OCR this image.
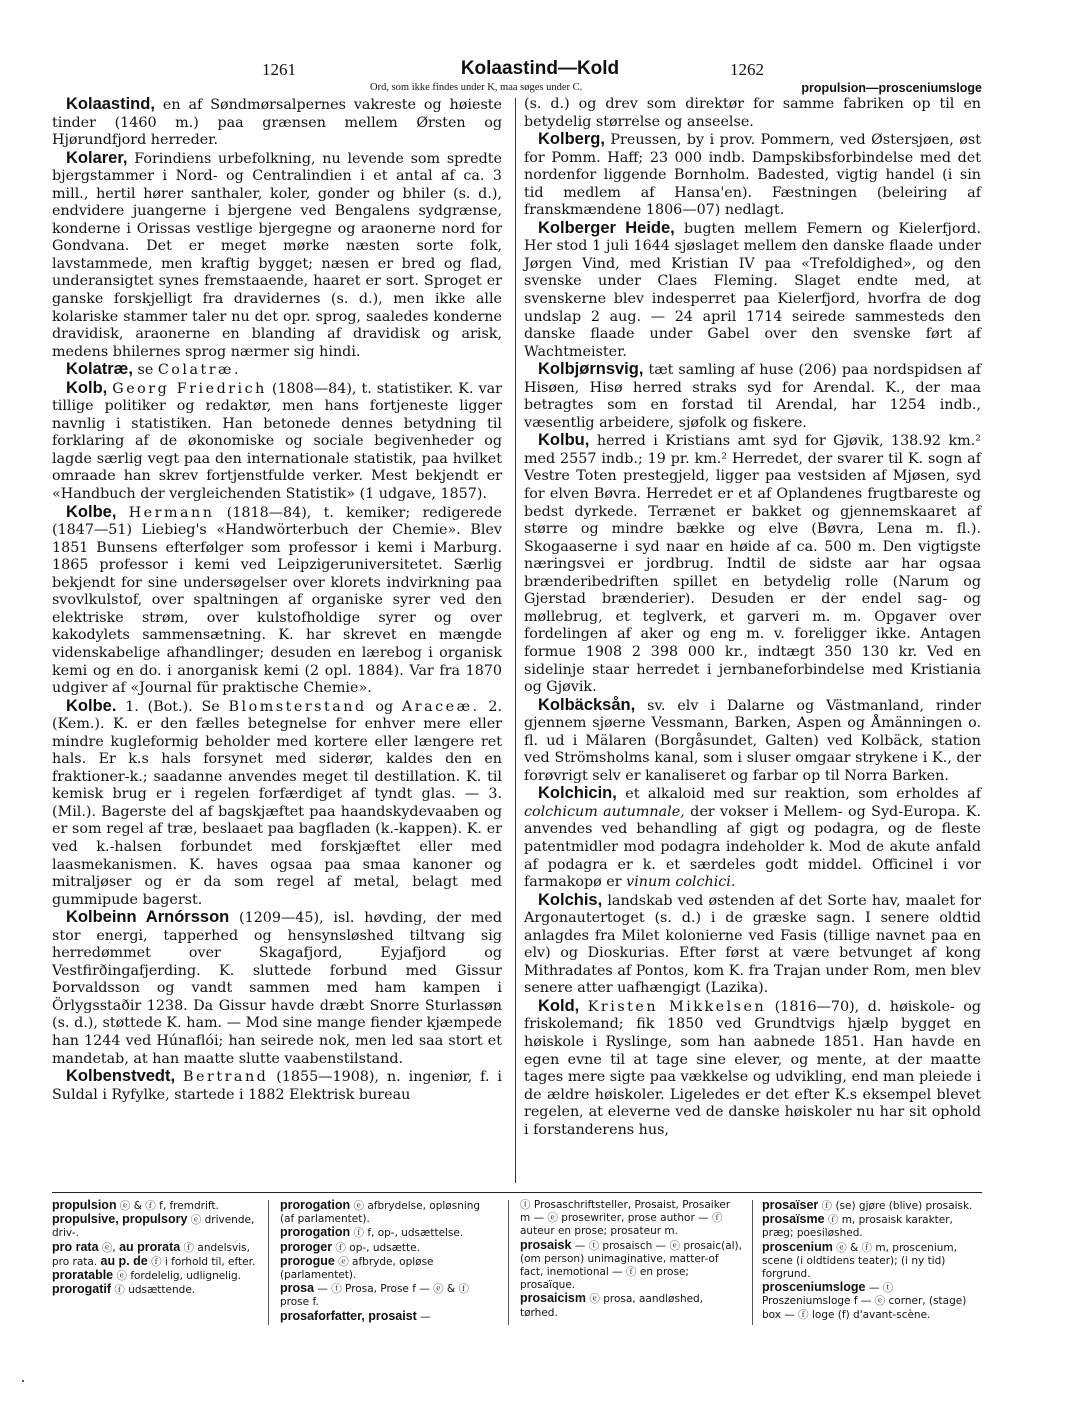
1261	Kolaastind—Kold	1262
Ord, som ikke findes under K, maa søges under C.	propulsion—prosceniumsloge

Kolaastind, en af Søndmørsalpernes vakreste og høieste tinder (1460 m.) paa grænsen mellem Ørsten og Hjørundfjord herreder.

Kolarer, Forindiens urbefolkning, nu levende som spredte bjergstammer i Nord- og Centralindien i et antal af ca. 3 mill., hertil hører santhaler, koler, gonder og bhiler (s. d.), endvidere juangerne i bjergene ved Bengalens sydgrænse, konderne i Orissas vestlige bjergegne og araonerne nord for Gondvana. Det er meget mørke næsten sorte folk, lavstammede, men kraftig bygget; næsen er bred og flad, underansigtet synes fremstaaende, haaret er sort. Sproget er ganske forskjelligt fra dravidernes (s. d.), men ikke alle kolariske stammer taler nu det opr. sprog, saaledes konderne dravidisk, araonerne en blanding af dravidisk og arisk, medens bhilernes sprog nærmer sig hindi.

Kolatræ, se Colatræ.

Kolb, Georg Friedrich (1808—84), t. statistiker. K. var tillige politiker og redaktør, men hans fortjeneste ligger navnlig i statistiken. Han betonede dennes betydning til forklaring af de økonomiske og sociale begivenheder og lagde særlig vegt paa den internationale statistik, paa hvilket omraade han skrev fortjenstfulde verker. Mest bekjendt er «Handbuch der vergleichenden Statistik» (1 udgave, 1857).

Kolbe, Hermann (1818—84), t. kemiker; redigerede (1847—51) Liebieg's «Handwörterbuch der Chemie». Blev 1851 Bunsens efterfølger som professor i kemi i Marburg. 1865 professor i kemi ved Leipzigeruniversitetet. Særlig bekjendt for sine undersøgelser over klorets indvirkning paa svovlkulstof, over spaltningen af organiske syrer ved den elektriske strøm, over kulstofholdige syrer og over kakodylets sammensætning. K. har skrevet en mængde videnskabelige afhandlinger; desuden en lærebog i organisk kemi og en do. i anorganisk kemi (2 opl. 1884). Var fra 1870 udgiver af «Journal für praktische Chemie».

Kolbe. 1. (Bot.). Se Blomsterstand og Araceæ. 2. (Kem.). K. er den fælles betegnelse for enhver mere eller mindre kugleformig beholder med kortere eller længere ret hals. Er k.s hals forsynet med siderør, kaldes den en fraktioner-k.; saadanne anvendes meget til destillation. K. til kemisk brug er i regelen forfærdiget af tyndt glas. — 3. (Mil.). Bagerste del af bagskjæftet paa haandskydevaaben og er som regel af træ, beslaaet paa bagfladen (k.-kappen). K. er ved k.-halsen forbundet med forskjæftet eller med laasmekanismen. K. haves ogsaa paa smaa kanoner og mitraljøser og er da som regel af metal, belagt med gummipude bagerst.

Kolbeinn Arnórsson (1209—45), isl. høvding, der med stor energi, tapperhed og hensynsløshed tiltvang sig herredømmet over Skagafjord, Eyjafjord og Vestfirðingafjerding. K. sluttede forbund med Gissur Þorvaldsson og vandt sammen med ham kampen i Örlygsstaðir 1238. Da Gissur havde dræbt Snorre Sturlassøn (s. d.), støttede K. ham. — Mod sine mange fiender kjæmpede han 1244 ved Húnaflói; han seirede nok, men led saa stort et mandetab, at han maatte slutte vaabenstilstand.

Kolbenstvedt, Bertrand (1855—1908), n. ingeniør, f. i Suldal i Ryfylke, startede i 1882 Elektrisk bureau

(s. d.) og drev som direktør for samme fabriken op til en betydelig størrelse og anseelse.

Kolberg, Preussen, by i prov. Pommern, ved Østersjøen, øst for Pomm. Haff; 23 000 indb. Dampskibsforbindelse med det nordenfor liggende Bornholm. Badested, vigtig handel (i sin tid medlem af Hansa'en). Fæstningen (beleiring af franskmændene 1806—07) nedlagt.

Kolberger Heide, bugten mellem Femern og Kielerfjord. Her stod 1 juli 1644 sjøslaget mellem den danske flaade under Jørgen Vind, med Kristian IV paa «Trefoldighed», og den svenske under Claes Fleming. Slaget endte med, at svenskerne blev indesperret paa Kielerfjord, hvorfra de dog undslap 2 aug. — 24 april 1714 seirede sammesteds den danske flaade under Gabel over den svenske ført af Wachtmeister.

Kolbjørnsvig, tæt samling af huse (206) paa nordspidsen af Hisøen, Hisø herred straks syd for Arendal. K., der maa betragtes som en forstad til Arendal, har 1254 indb., væsentlig arbeidere, sjøfolk og fiskere.

Kolbu, herred i Kristians amt syd for Gjøvik, 138.92 km.² med 2557 indb.; 19 pr. km.² Herredet, der svarer til K. sogn af Vestre Toten prestegjeld, ligger paa vestsiden af Mjøsen, syd for elven Bøvra. Herredet er et af Oplandenes frugtbareste og bedst dyrkede. Terrænet er bakket og gjennemskaaret af større og mindre bække og elve (Bøvra, Lena m. fl.). Skogaaserne i syd naar en høide af ca. 500 m. Den vigtigste næringsvei er jordbrug. Indtil de sidste aar har ogsaa brænderibedriften spillet en betydelig rolle (Narum og Gjerstad brænderier). Desuden er der endel sag- og møllebrug, et teglverk, et garveri m. m. Opgaver over fordelingen af aker og eng m. v. foreligger ikke. Antagen formue 1908 2 398 000 kr., indtægt 350 130 kr. Ved en sidelinje staar herredet i jernbaneforbindelse med Kristiania og Gjøvik.

Kolbäcksån, sv. elv i Dalarne og Västmanland, rinder gjennem sjøerne Vessmann, Barken, Aspen og Åmänningen o. fl. ud i Mälaren (Borgåsundet, Galten) ved Kolbäck, station ved Strömsholms kanal, som i sluser omgaar strykene i K., der forøvrigt selv er kanaliseret og farbar op til Norra Barken.

Kolchicin, et alkaloid med sur reaktion, som erholdes af colchicum autumnale, der vokser i Mellem- og Syd-Europa. K. anvendes ved behandling af gigt og podagra, og de fleste patentmidler mod podagra indeholder k. Mod de akute anfald af podagra er k. et særdeles godt middel. Officinel i vor farmakopø er vinum colchici.

Kolchis, landskab ved østenden af det Sorte hav, maalet for Argonautertoget (s. d.) i de græske sagn. I senere oldtid anlagdes fra Milet kolonierne ved Fasis (tillige navnet paa en elv) og Dioskurias. Efter først at være betvunget af kong Mithradates af Pontos, kom K. fra Trajan under Rom, men blev senere atter uafhængigt (Lazika).

Kold, Kristen Mikkelsen (1816—70), d. høiskole- og friskolemand; fik 1850 ved Grundtvigs hjælp bygget en høiskole i Ryslinge, som han aabnede 1851. Han havde en egen evne til at tage sine elever, og mente, at der maatte tages mere sigte paa vækkelse og udvikling, end man pleiede i de ældre høiskoler. Ligeledes er det efter K.s eksempel blevet regelen, at eleverne ved de danske høiskoler nu har sit ophold i forstanderens hus,

propulsion ⓔ & ⓕ f, fremdrift.

propulsive, propulsory ⓔ drivende, driv-.

pro rata ⓔ, au prorata ⓕ andelsvis, pro rata. au p. de ⓕ i forhold til, efter.

proratable ⓔ fordelelig, udlignelig.

prorogatif ⓕ udsættende.

prorogation ⓔ afbrydelse, opløsning (af parlamentet).

prorogation ⓕ f, op-, udsættelse.

proroger ⓕ op-, udsætte.

prorogue ⓔ afbryde, opløse (parlamentet).

prosa — ⓣ Prosa, Prose f — ⓔ & ⓕ prose f.

prosaforfatter, prosaist —

ⓣ Prosaschriftsteller, Prosaist, Prosaiker m — ⓔ prosewriter, prose author — ⓕ auteur en prose; prosateur m.

prosaisk — ⓣ prosaisch — ⓔ prosaic(al), (om person) unimaginative, matter-of fact, inemotional — ⓕ en prose; prosaïque.

prosaicism ⓔ prosa, aandløshed, tørhed.

prosaïser ⓕ (se) gjøre (blive) prosaisk.

prosaïsme ⓕ m, prosaisk karakter, præg; poesiløshed.

proscenium ⓔ & ⓕ m, proscenium, scene (i oldtidens teater); (i ny tid) forgrund.

prosceniumsloge — ⓣ Proszeniumsloge f — ⓔ corner, (stage) box — ⓕ loge (f) d'avant-scène.
